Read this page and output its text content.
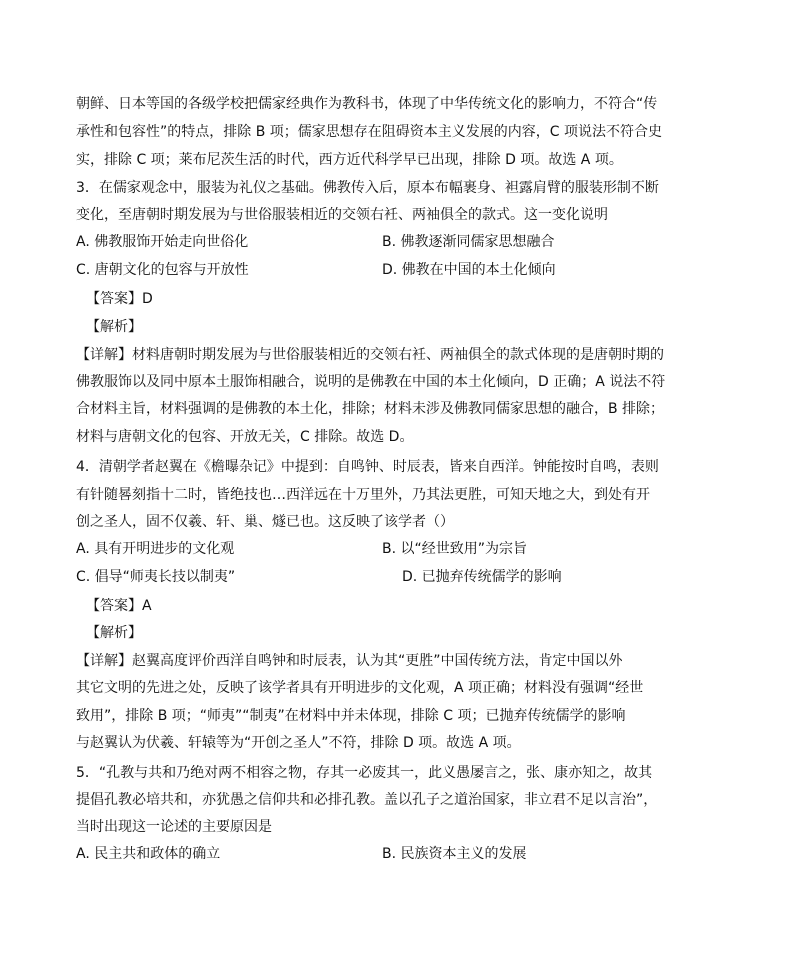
朝鲜、日本等国的各级学校把儒家经典作为教科书，体现了中华传统文化的影响力，不符合“传
承性和包容性”的特点，排除 B 项；儒家思想存在阻碍资本主义发展的内容，C 项说法不符合史
实，排除 C 项；莱布尼茨生活的时代，西方近代科学早已出现，排除 D 项。故选 A 项。
3．在儒家观念中，服装为礼仪之基础。佛教传入后，原本布幅裹身、袒露肩臂的服装形制不断
变化，至唐朝时期发展为与世俗服装相近的交领右衽、两袖俱全的款式。这一变化说明
A. 佛教服饰开始走向世俗化	B. 佛教逐渐同儒家思想融合
C. 唐朝文化的包容与开放性	D. 佛教在中国的本土化倾向
【答案】D
【解析】
【详解】材料唐朝时期发展为与世俗服装相近的交领右衽、两袖俱全的款式体现的是唐朝时期的
佛教服饰以及同中原本土服饰相融合，说明的是佛教在中国的本土化倾向，D 正确；A 说法不符
合材料主旨，材料强调的是佛教的本土化，排除；材料未涉及佛教同儒家思想的融合，B 排除；
材料与唐朝文化的包容、开放无关，C 排除。故选 D。
4．清朝学者赵翼在《檐曝杂记》中提到：自鸣钟、时辰表，皆来自西洋。钟能按时自鸣，表则
有针随晷刻指十二时，皆绝技也…西洋远在十万里外，乃其法更胜，可知天地之大，到处有开
创之圣人，固不仅羲、轩、巢、燧已也。这反映了该学者（）
A. 具有开明进步的文化观	B. 以“经世致用”为宗旨
C. 倡导“师夷长技以制夷”	D. 已抛弃传统儒学的影响
【答案】A
【解析】
【详解】赵翼高度评价西洋自鸣钟和时辰表，认为其“更胜”中国传统方法，肯定中国以外
其它文明的先进之处，反映了该学者具有开明进步的文化观，A 项正确；材料没有强调“经世
致用”，排除 B 项；“师夷”“制夷”在材料中并未体现，排除 C 项；已抛弃传统儒学的影响
与赵翼认为伏羲、轩辕等为“开创之圣人”不符，排除 D 项。故选 A 项。
5．“孔教与共和乃绝对两不相容之物，存其一必废其一，此义愚屡言之，张、康亦知之，故其
提倡孔教必培共和，亦犹愚之信仰共和必排孔教。盖以孔子之道治国家，非立君不足以言治”，
当时出现这一论述的主要原因是
A. 民主共和政体的确立	B. 民族资本主义的发展
